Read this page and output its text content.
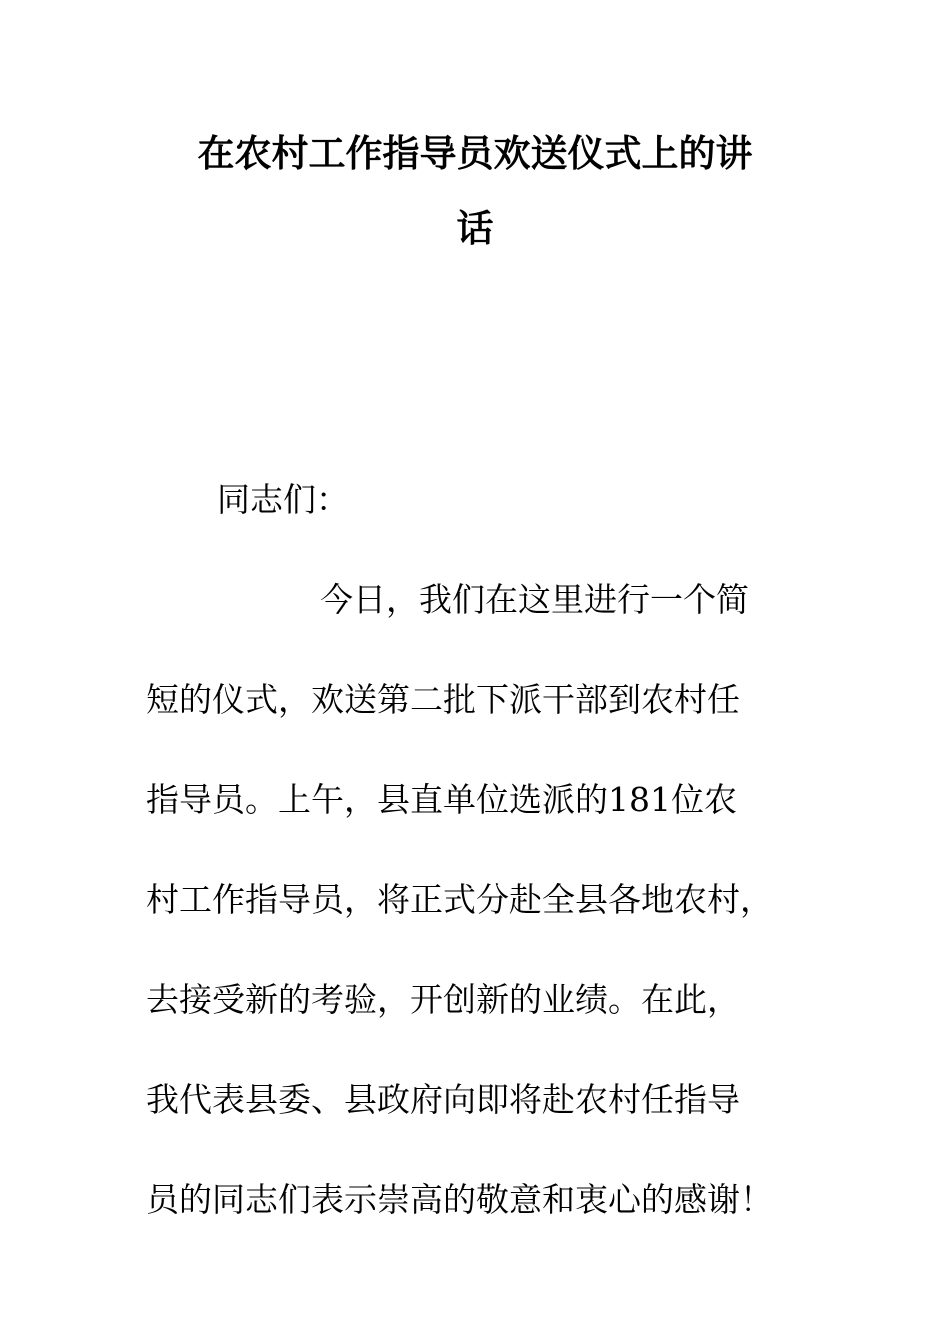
在农村工作指导员欢送仪式上的讲
话
同志们：
今日，我们在这里进行一个简
短的仪式，欢送第二批下派干部到农村任
指导员。上午，县直单位选派的181位农
村工作指导员，将正式分赴全县各地农村，
去接受新的考验，开创新的业绩。在此，
我代表县委、县政府向即将赴农村任指导
员的同志们表示崇高的敬意和衷心的感谢！
